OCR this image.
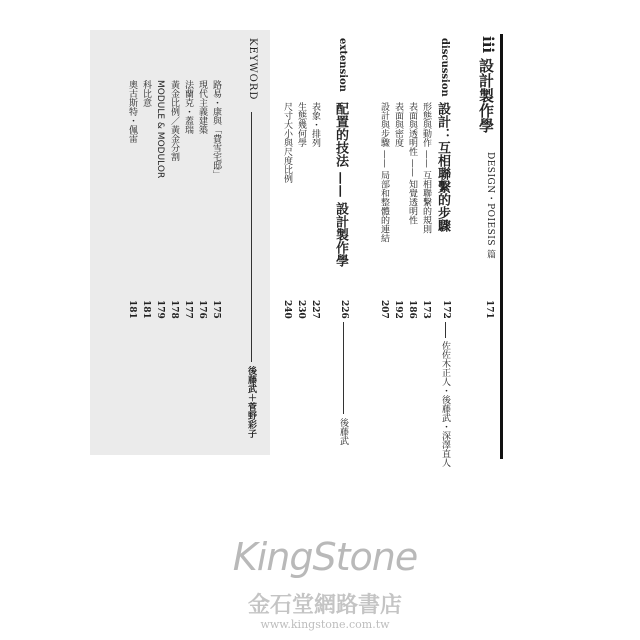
iii
設計製作學
DESIGN・POIESIS 篇
171
discussion
設計：互相聯繫的步驟
172
佐佐木正人・後藤武・深澤直人
形態與動作 —— 互相聯繫的規則
173
表面與透明性 —— 知覺透明性
186
表面與密度
192
設計與步驟 —— 局部和整體的連結
207
extension
配置的技法 —— 設計製作學
226
後藤武
表象・排列
227
生態幾何學
230
尺寸大小與尺度比例
240
KEYWORD
後藤武＋菅野彩子
路易・康與「費雪宅邸」
175
現代主義建築
176
法蘭克・蓋瑞
177
黃金比例／黃金分割
178
MODULE & MODULOR
179
科比意
181
奧古斯特・佩雷
181
KingStone
金石堂網路書店
www.kingstone.com.tw
